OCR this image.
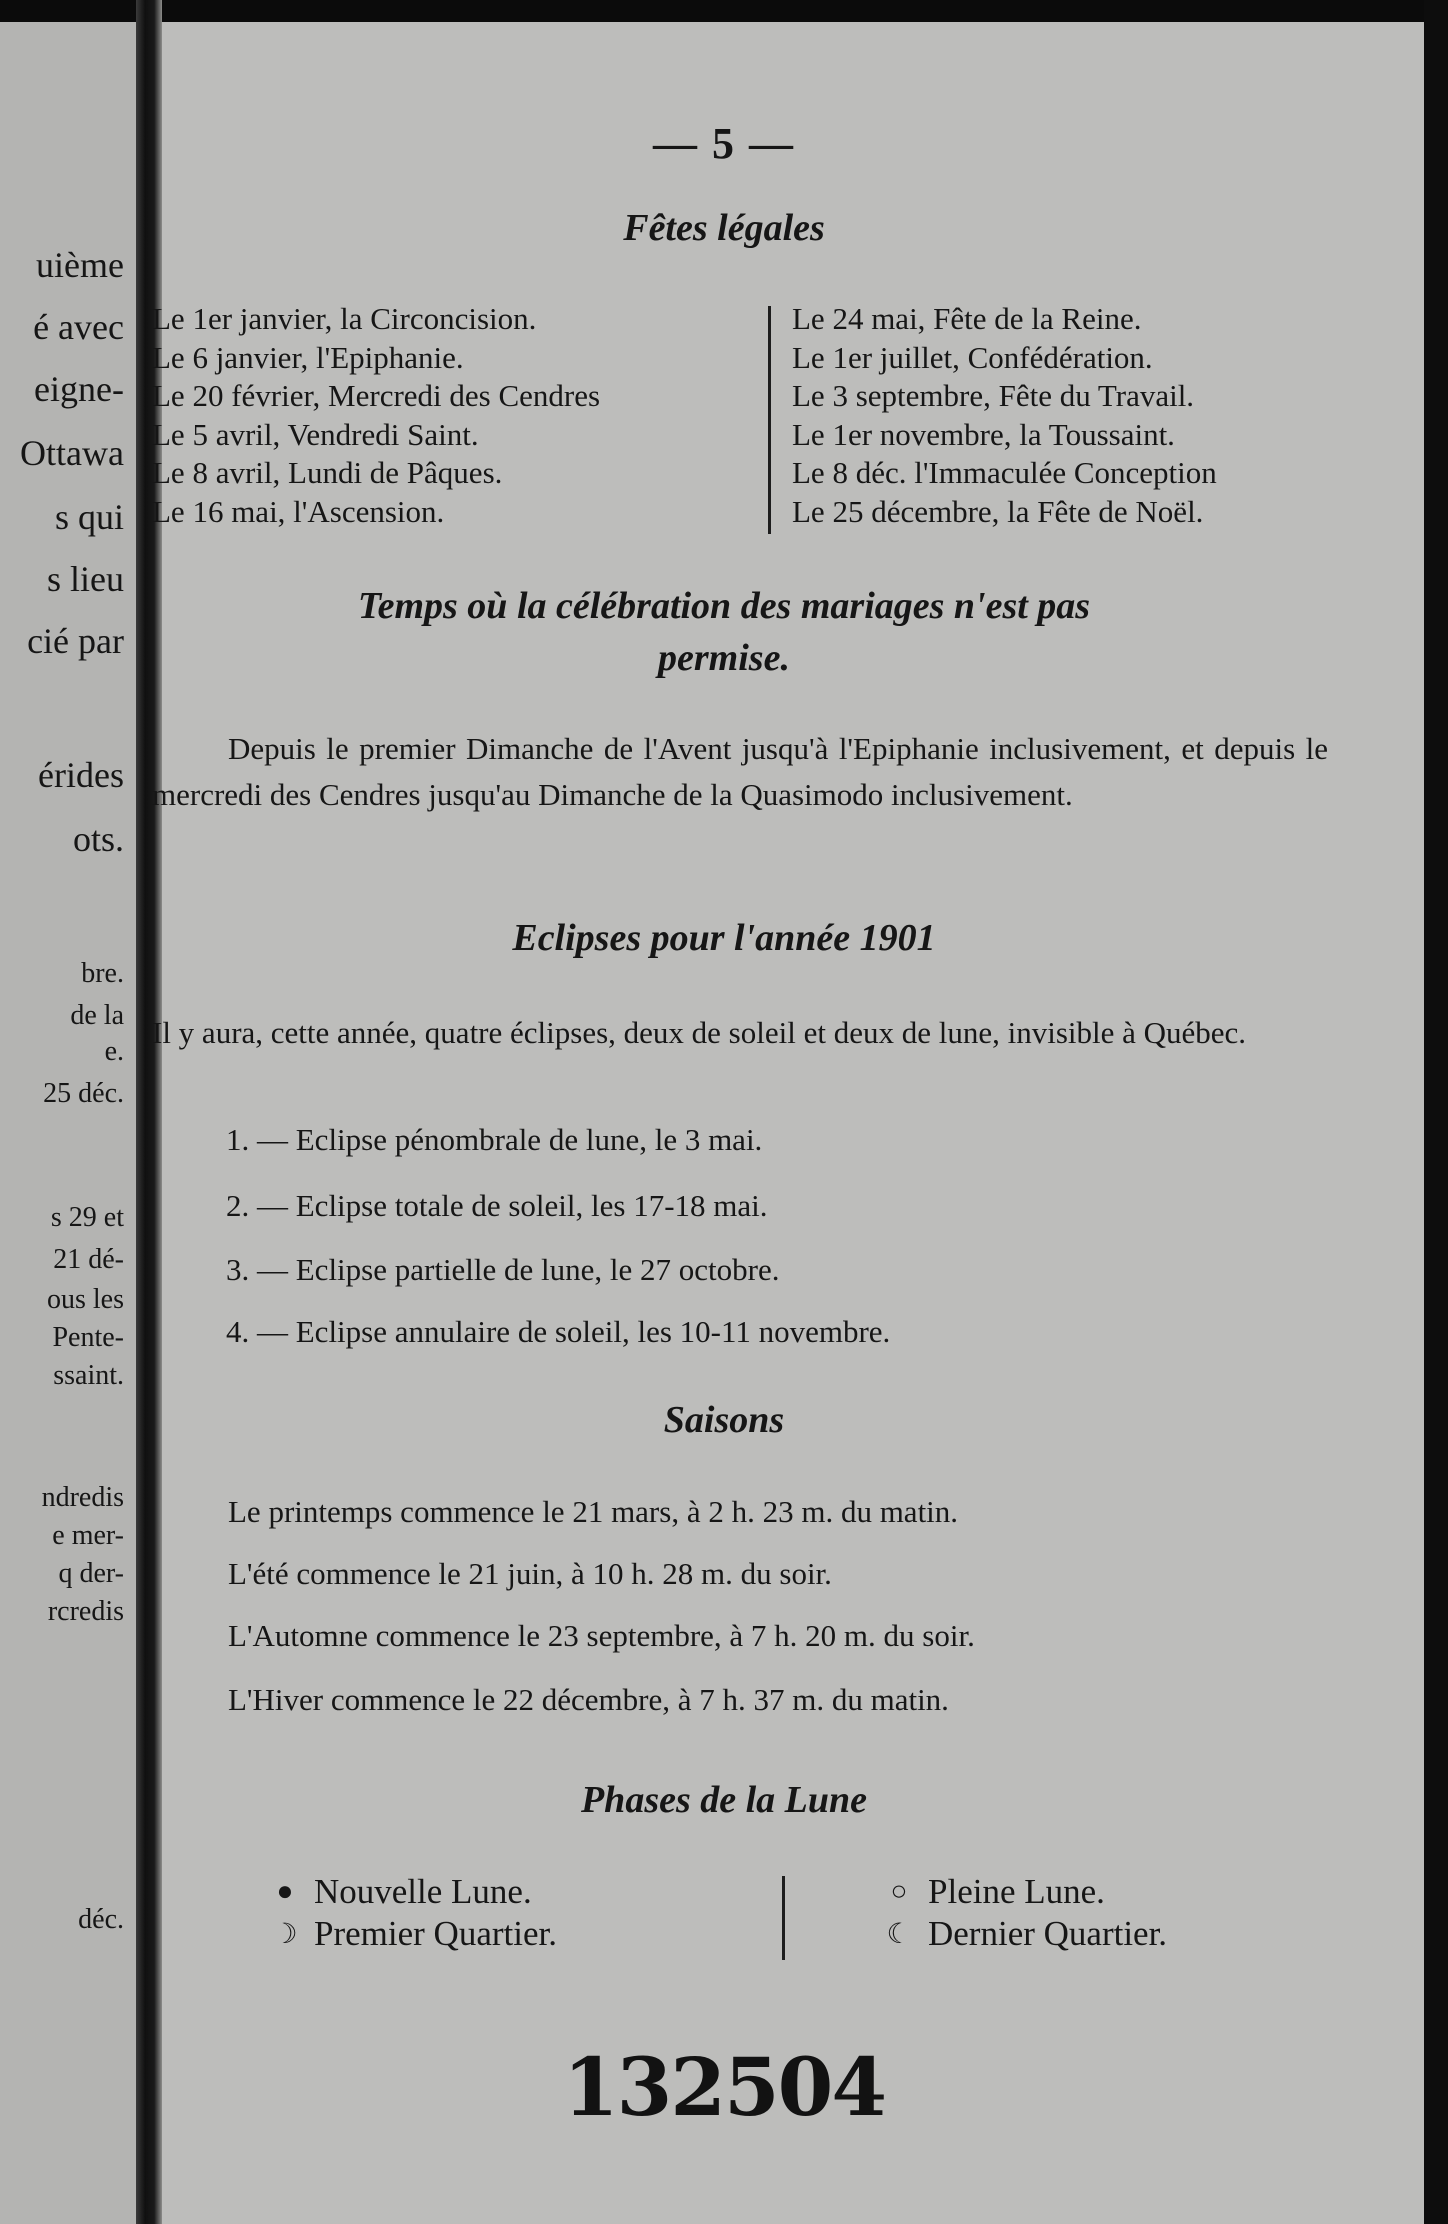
uième
é avec
eigne-
Ottawa
s qui
s lieu
cié par
érides
ots.
bre.
de la
e.
25 déc.
s 29 et
21 dé-
ous les
Pente-
ssaint.
ndredis
e mer-
q der-
rcredis
déc.
— 5 —
Fêtes légales
Le 1er janvier, la Circoncision.
Le 6 janvier, l'Epiphanie.
Le 20 février, Mercredi des Cendres
Le 5 avril, Vendredi Saint.
Le 8 avril, Lundi de Pâques.
Le 16 mai, l'Ascension.
Le 24 mai, Fête de la Reine.
Le 1er juillet, Confédération.
Le 3 septembre, Fête du Travail.
Le 1er novembre, la Toussaint.
Le 8 déc. l'Immaculée Conception
Le 25 décembre, la Fête de Noël.
Temps où la célébration des mariages n'est pas
permise.
Depuis le premier Dimanche de l'Avent jusqu'à l'Epiphanie inclusivement, et depuis le mercredi des Cendres jusqu'au Dimanche de la Quasimodo inclusivement.
Eclipses pour l'année 1901
Il y aura, cette année, quatre éclipses, deux de soleil et deux de lune, invisible à Québec.
1. — Eclipse pénombrale de lune, le 3 mai.
2. — Eclipse totale de soleil, les 17-18 mai.
3. — Eclipse partielle de lune, le 27 octobre.
4. — Eclipse annulaire de soleil, les 10-11 novembre.
Saisons
Le printemps commence le 21 mars, à 2 h. 23 m. du matin.
L'été commence le 21 juin, à 10 h. 28 m. du soir.
L'Automne commence le 23 septembre, à 7 h. 20 m. du soir.
L'Hiver commence le 22 décembre, à 7 h. 37 m. du matin.
Phases de la Lune
● Nouvelle Lune.
☽ Premier Quartier.
○ Pleine Lune.
☾ Dernier Quartier.
132504
